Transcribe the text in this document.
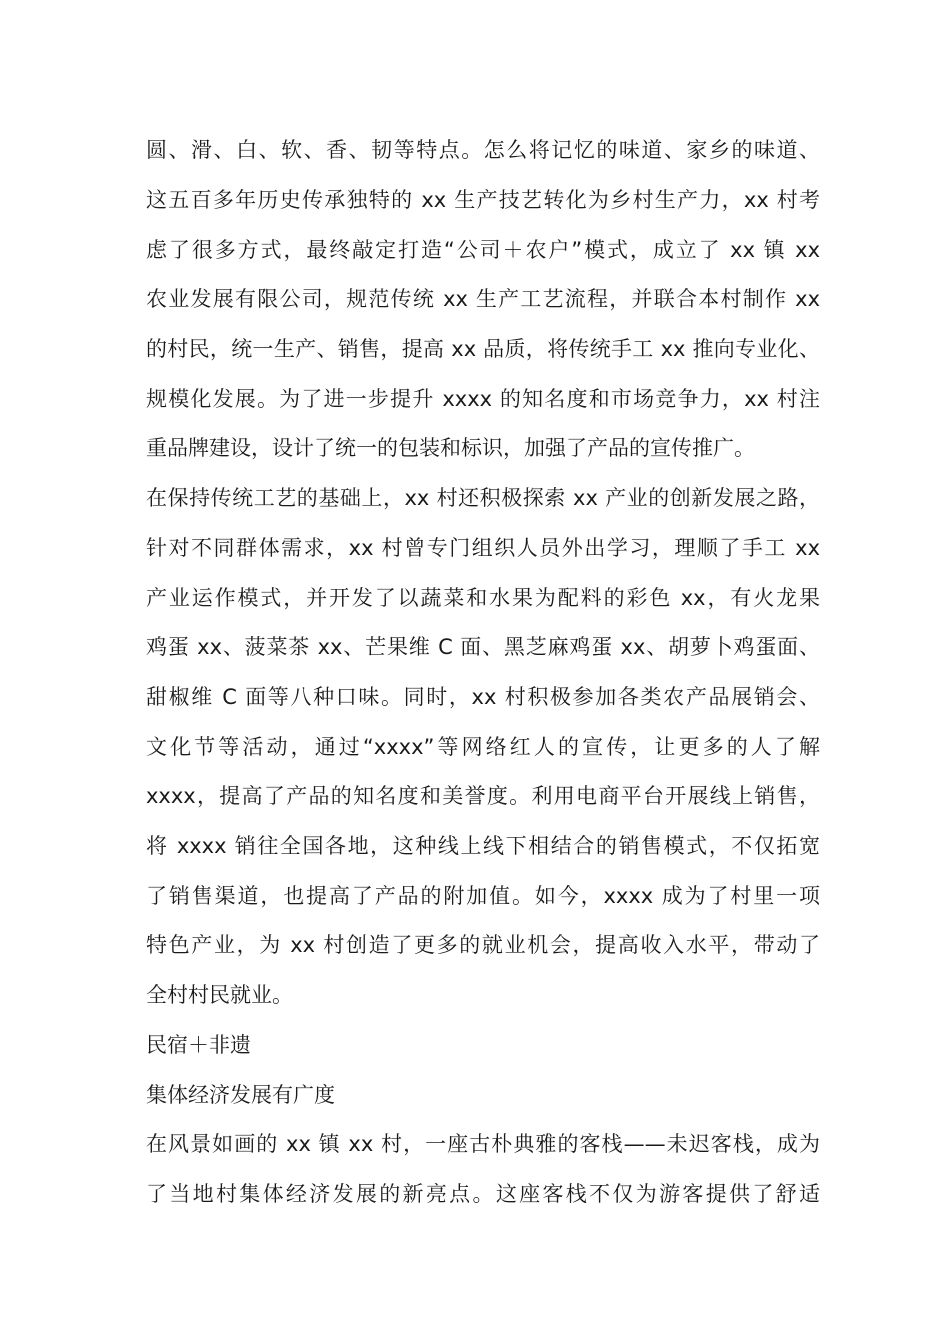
圆、滑、白、软、香、韧等特点。怎么将记忆的味道、家乡的味道、
这五百多年历史传承独特的 xx 生产技艺转化为乡村生产力，xx 村考
虑了很多方式，最终敲定打造“公司＋农户”模式，成立了 xx 镇 xx
农业发展有限公司，规范传统 xx 生产工艺流程，并联合本村制作 xx
的村民，统一生产、销售，提高 xx 品质，将传统手工 xx 推向专业化、
规模化发展。为了进一步提升 xxxx 的知名度和市场竞争力，xx 村注
重品牌建设，设计了统一的包装和标识，加强了产品的宣传推广。
在保持传统工艺的基础上，xx 村还积极探索 xx 产业的创新发展之路，
针对不同群体需求，xx 村曾专门组织人员外出学习，理顺了手工 xx
产业运作模式，并开发了以蔬菜和水果为配料的彩色 xx，有火龙果
鸡蛋 xx、菠菜茶 xx、芒果维 C 面、黑芝麻鸡蛋 xx、胡萝卜鸡蛋面、
甜椒维 C 面等八种口味。同时，xx 村积极参加各类农产品展销会、
文化节等活动，通过“xxxx”等网络红人的宣传，让更多的人了解
xxxx，提高了产品的知名度和美誉度。利用电商平台开展线上销售，
将 xxxx 销往全国各地，这种线上线下相结合的销售模式，不仅拓宽
了销售渠道，也提高了产品的附加值。如今，xxxx 成为了村里一项
特色产业，为 xx 村创造了更多的就业机会，提高收入水平，带动了
全村村民就业。
民宿＋非遗
集体经济发展有广度
在风景如画的 xx 镇 xx 村，一座古朴典雅的客栈——未迟客栈，成为
了当地村集体经济发展的新亮点。这座客栈不仅为游客提供了舒适
